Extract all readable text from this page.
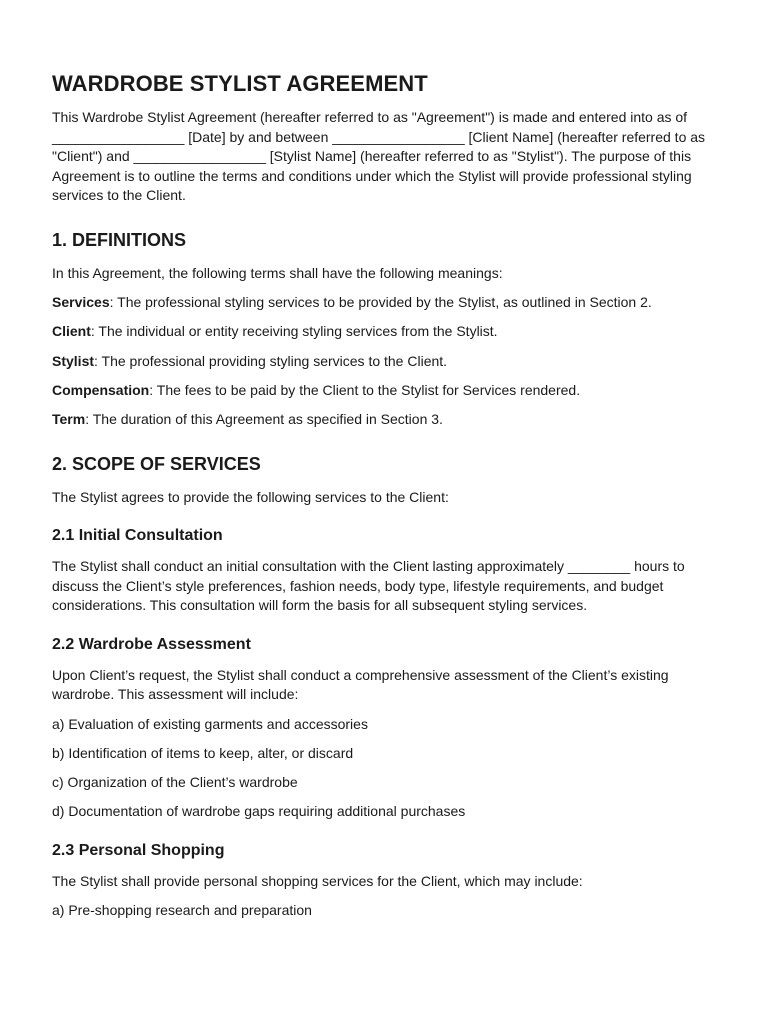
WARDROBE STYLIST AGREEMENT

This Wardrobe Stylist Agreement (hereafter referred to as "Agreement") is made and entered into as of _________________ [Date] by and between _________________ [Client Name] (hereafter referred to as "Client") and _________________ [Stylist Name] (hereafter referred to as "Stylist"). The purpose of this Agreement is to outline the terms and conditions under which the Stylist will provide professional styling services to the Client.

1. DEFINITIONS

In this Agreement, the following terms shall have the following meanings:

Services: The professional styling services to be provided by the Stylist, as outlined in Section 2.

Client: The individual or entity receiving styling services from the Stylist.

Stylist: The professional providing styling services to the Client.

Compensation: The fees to be paid by the Client to the Stylist for Services rendered.

Term: The duration of this Agreement as specified in Section 3.

2. SCOPE OF SERVICES

The Stylist agrees to provide the following services to the Client:

2.1 Initial Consultation

The Stylist shall conduct an initial consultation with the Client lasting approximately ________ hours to discuss the Client’s style preferences, fashion needs, body type, lifestyle requirements, and budget considerations. This consultation will form the basis for all subsequent styling services.

2.2 Wardrobe Assessment

Upon Client’s request, the Stylist shall conduct a comprehensive assessment of the Client’s existing wardrobe. This assessment will include:

a) Evaluation of existing garments and accessories

b) Identification of items to keep, alter, or discard

c) Organization of the Client’s wardrobe

d) Documentation of wardrobe gaps requiring additional purchases

2.3 Personal Shopping

The Stylist shall provide personal shopping services for the Client, which may include:

a) Pre-shopping research and preparation
